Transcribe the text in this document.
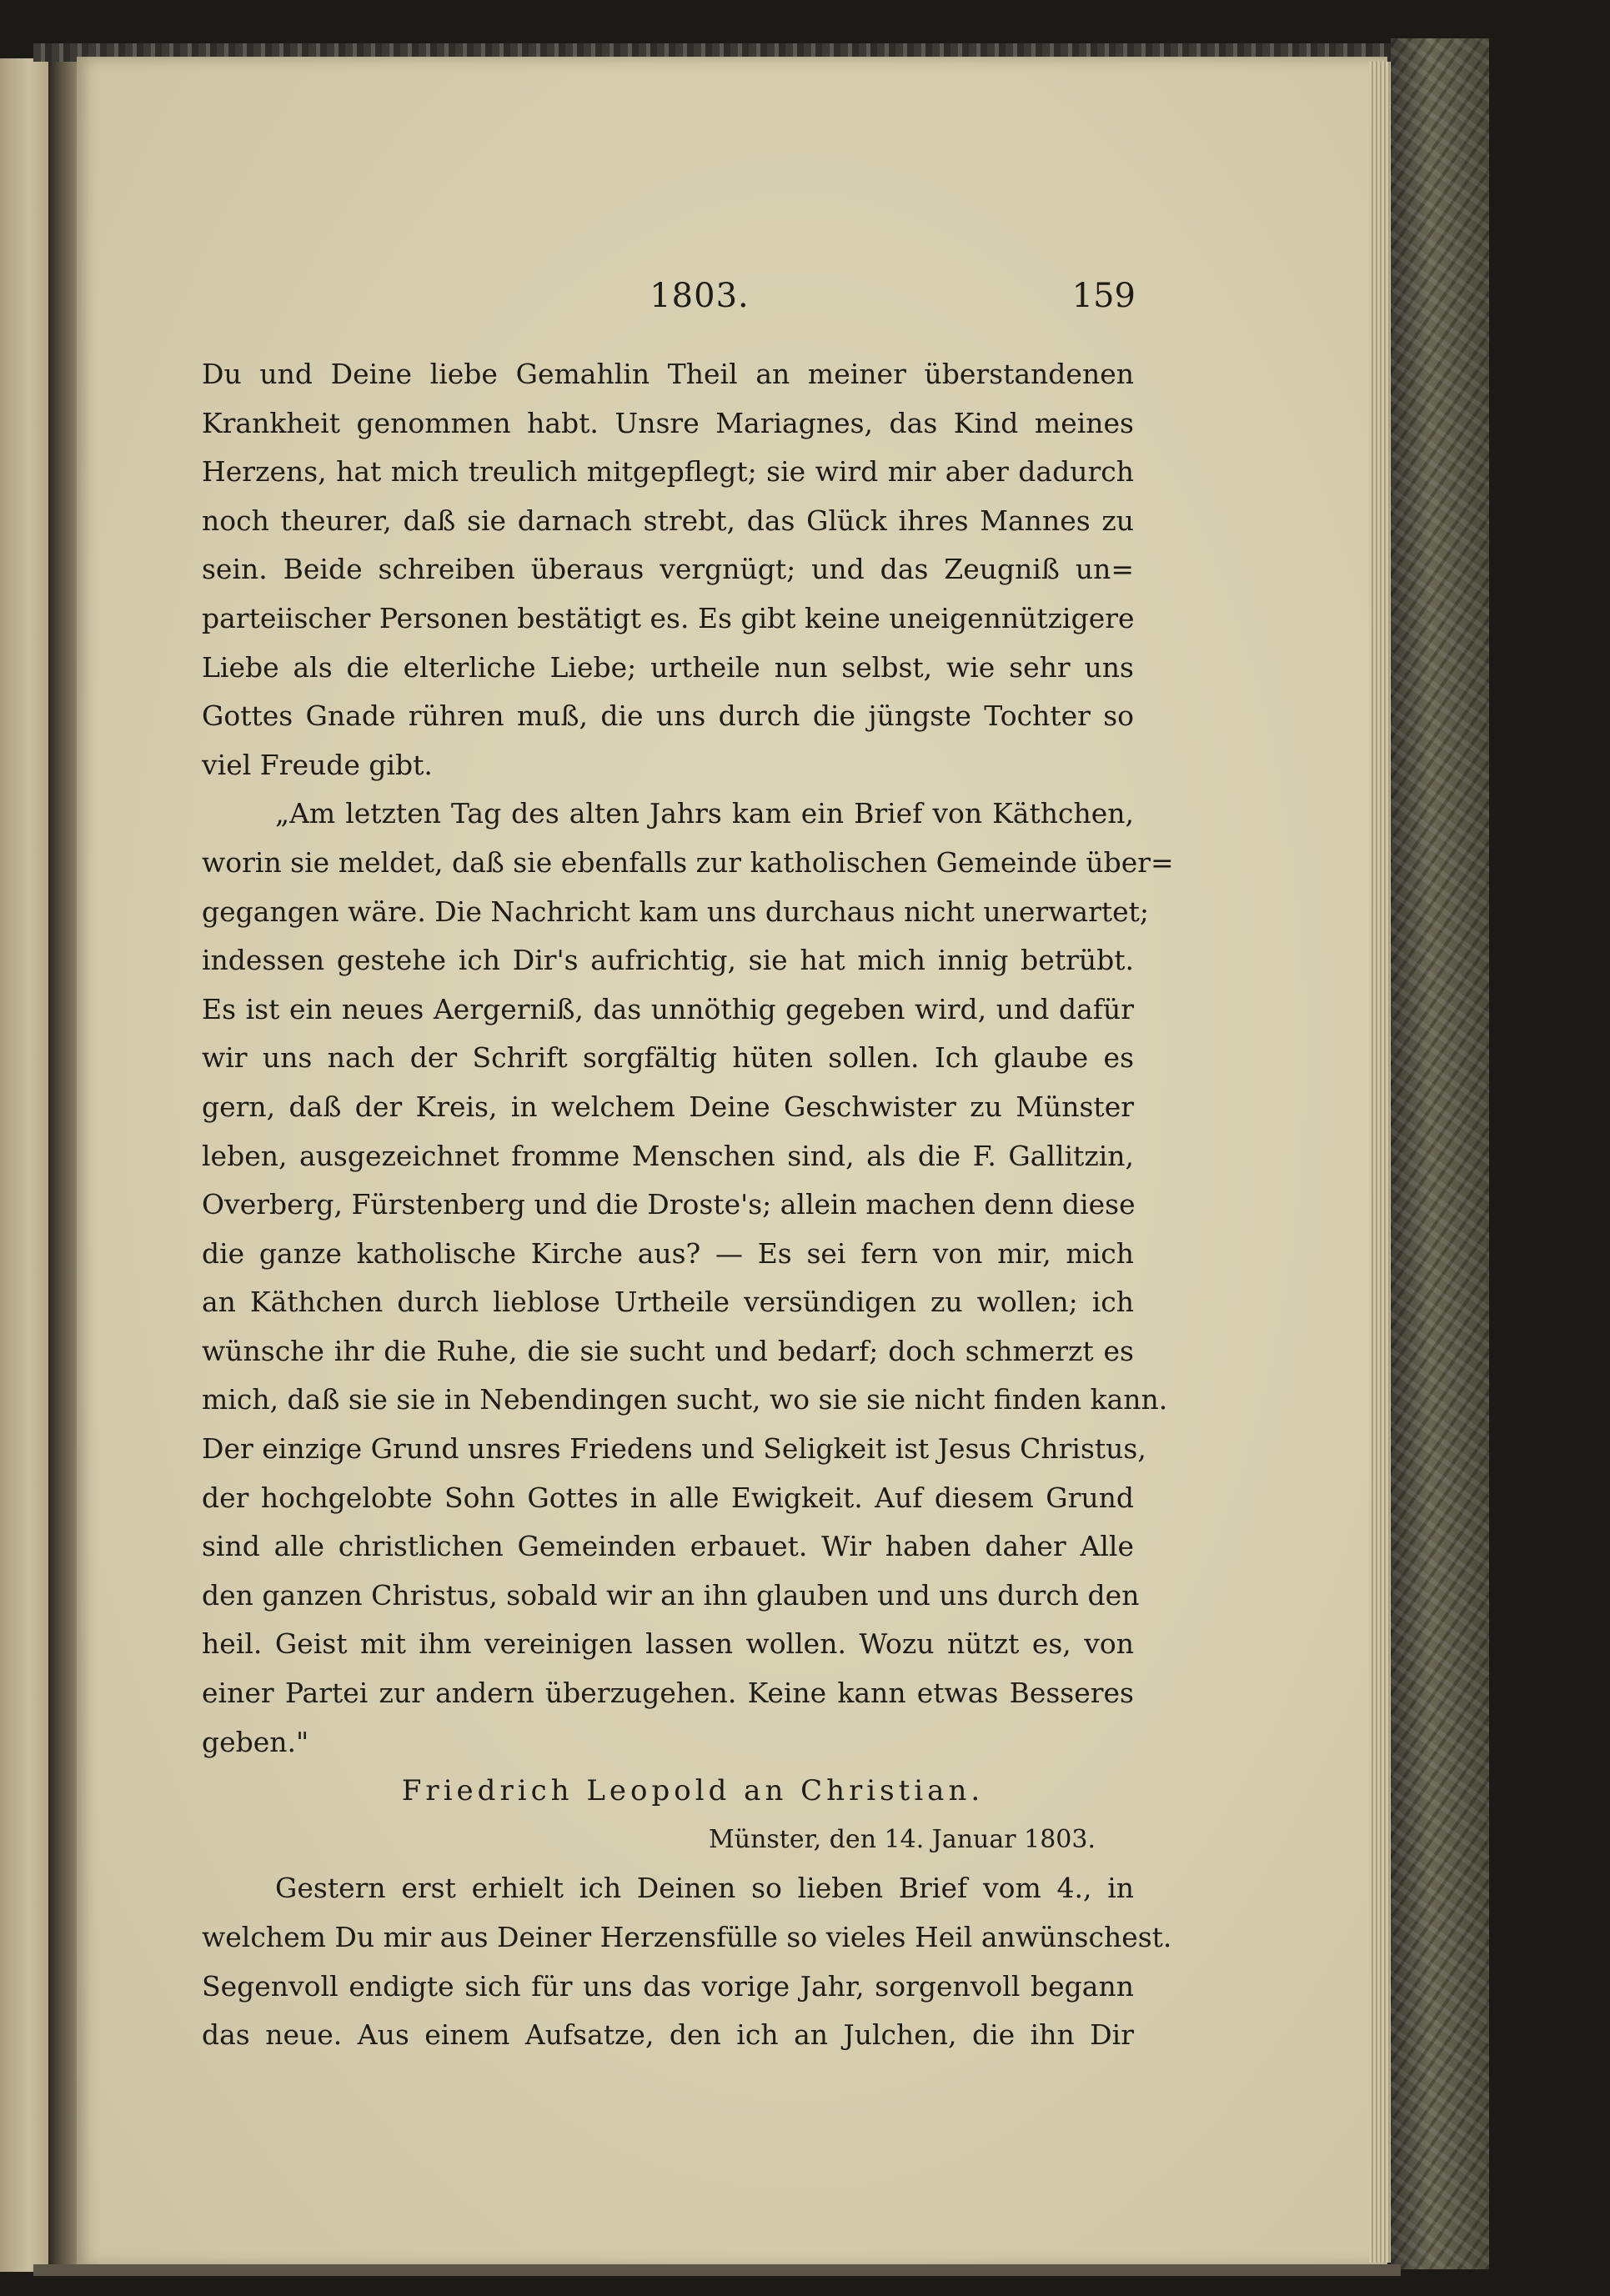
1803.	159
Du und Deine liebe Gemahlin Theil an meiner überstandenen
Krankheit genommen habt. Unsre Mariagnes, das Kind meines
Herzens, hat mich treulich mitgepflegt; sie wird mir aber dadurch
noch theurer, daß sie darnach strebt, das Glück ihres Mannes zu
sein. Beide schreiben überaus vergnügt; und das Zeugniß un=
parteiischer Personen bestätigt es. Es gibt keine uneigennützigere
Liebe als die elterliche Liebe; urtheile nun selbst, wie sehr uns
Gottes Gnade rühren muß, die uns durch die jüngste Tochter so
viel Freude gibt.
„Am letzten Tag des alten Jahrs kam ein Brief von Käthchen,
worin sie meldet, daß sie ebenfalls zur katholischen Gemeinde über=
gegangen wäre. Die Nachricht kam uns durchaus nicht unerwartet;
indessen gestehe ich Dir's aufrichtig, sie hat mich innig betrübt.
Es ist ein neues Aergerniß, das unnöthig gegeben wird, und dafür
wir uns nach der Schrift sorgfältig hüten sollen. Ich glaube es
gern, daß der Kreis, in welchem Deine Geschwister zu Münster
leben, ausgezeichnet fromme Menschen sind, als die F. Gallitzin,
Overberg, Fürstenberg und die Droste's; allein machen denn diese
die ganze katholische Kirche aus? — Es sei fern von mir, mich
an Käthchen durch lieblose Urtheile versündigen zu wollen; ich
wünsche ihr die Ruhe, die sie sucht und bedarf; doch schmerzt es
mich, daß sie sie in Nebendingen sucht, wo sie sie nicht finden kann.
Der einzige Grund unsres Friedens und Seligkeit ist Jesus Christus,
der hochgelobte Sohn Gottes in alle Ewigkeit. Auf diesem Grund
sind alle christlichen Gemeinden erbauet. Wir haben daher Alle
den ganzen Christus, sobald wir an ihn glauben und uns durch den
heil. Geist mit ihm vereinigen lassen wollen. Wozu nützt es, von
einer Partei zur andern überzugehen. Keine kann etwas Besseres
geben."
Friedrich Leopold an Christian.
Münster, den 14. Januar 1803.
Gestern erst erhielt ich Deinen so lieben Brief vom 4., in
welchem Du mir aus Deiner Herzensfülle so vieles Heil anwünschest.
Segenvoll endigte sich für uns das vorige Jahr, sorgenvoll begann
das neue. Aus einem Aufsatze, den ich an Julchen, die ihn Dir
